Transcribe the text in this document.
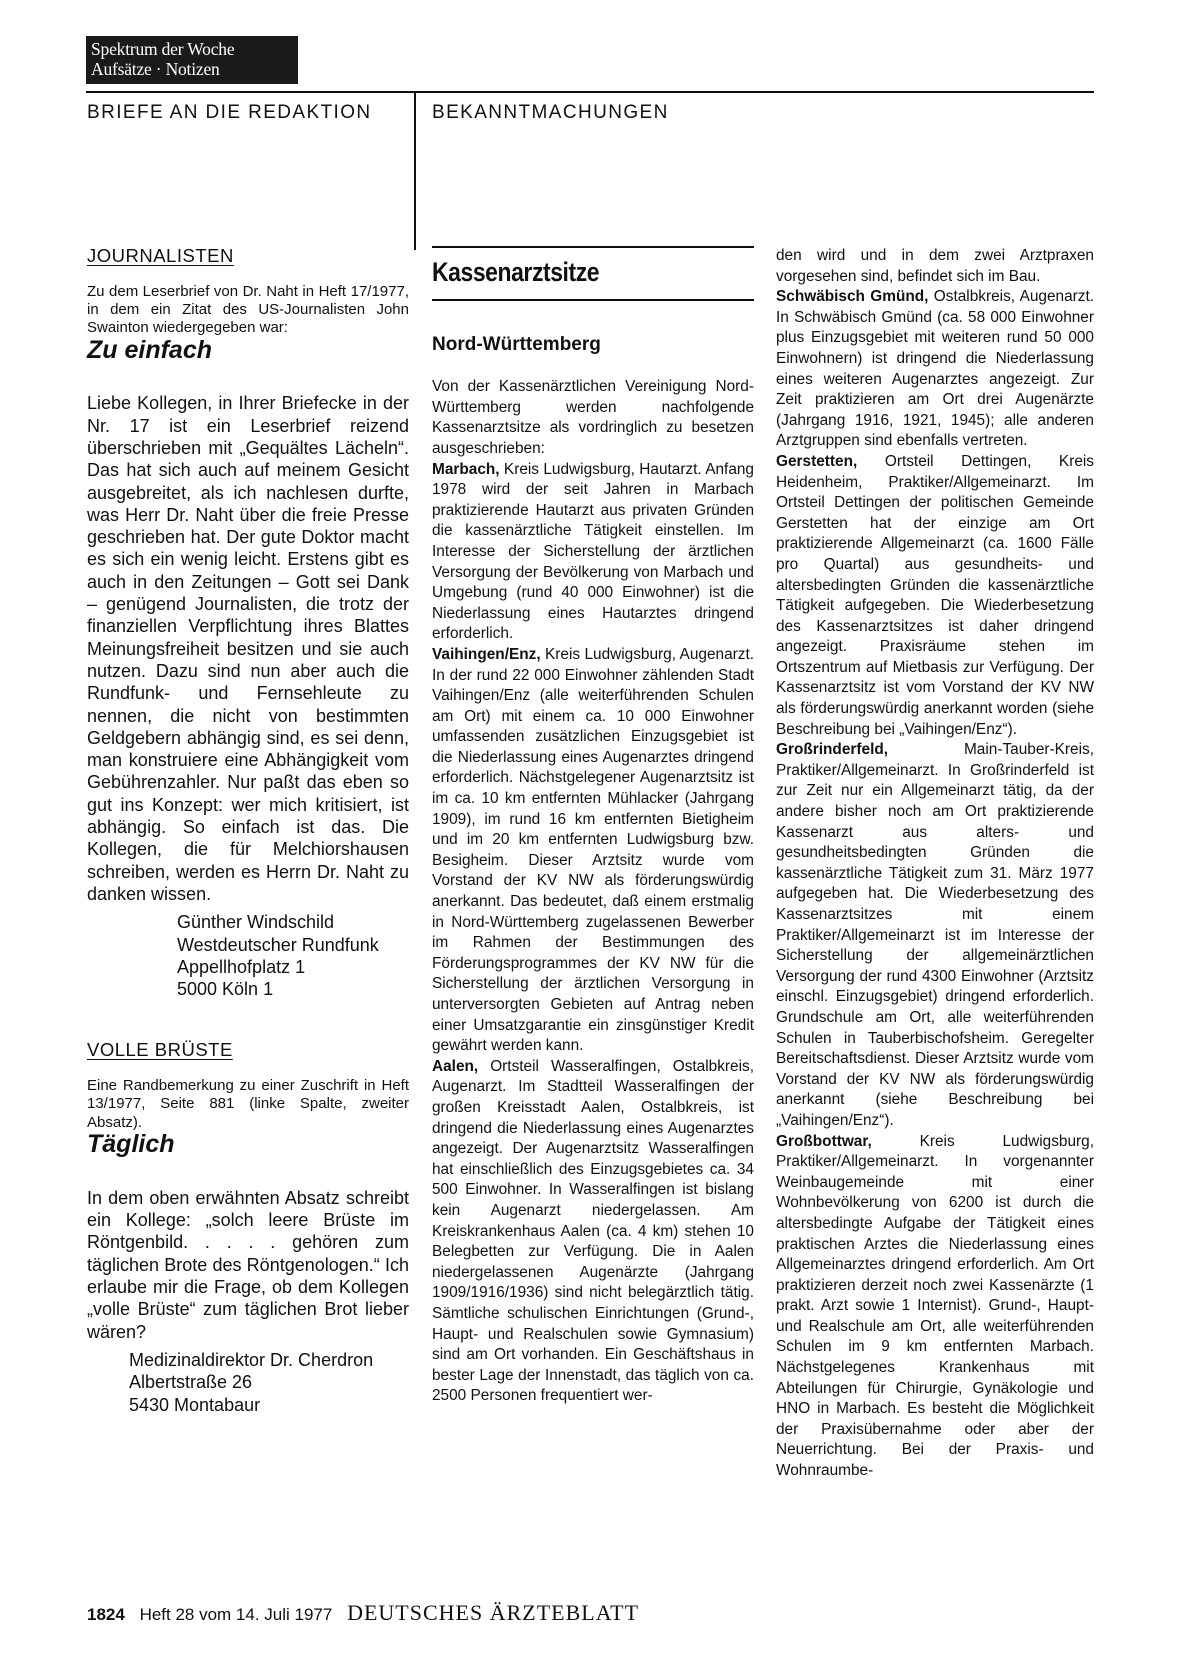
Spektrum der Woche
Aufsätze · Notizen
BRIEFE AN DIE REDAKTION	BEKANNTMACHUNGEN
JOURNALISTEN

Zu dem Leserbrief von Dr. Naht in Heft 17/1977, in dem ein Zitat des US-Journalisten John Swainton wiedergegeben war:

Zu einfach

Liebe Kollegen, in Ihrer Briefecke in der Nr. 17 ist ein Leserbrief reizend überschrieben mit „Gequältes Lächeln“. Das hat sich auch auf meinem Gesicht ausgebreitet, als ich nachlesen durfte, was Herr Dr. Naht über die freie Presse geschrieben hat. Der gute Doktor macht es sich ein wenig leicht. Erstens gibt es auch in den Zeitungen – Gott sei Dank – genügend Journalisten, die trotz der finanziellen Verpflichtung ihres Blattes Meinungsfreiheit besitzen und sie auch nutzen. Dazu sind nun aber auch die Rundfunk- und Fernsehleute zu nennen, die nicht von bestimmten Geldgebern abhängig sind, es sei denn, man konstruiere eine Abhängigkeit vom Gebührenzahler. Nur paßt das eben so gut ins Konzept: wer mich kritisiert, ist abhängig. So einfach ist das. Die Kollegen, die für Melchiorshausen schreiben, werden es Herrn Dr. Naht zu danken wissen.

Günther Windschild
Westdeutscher Rundfunk
Appellhofplatz 1
5000 Köln 1
VOLLE BRÜSTE

Eine Randbemerkung zu einer Zuschrift in Heft 13/1977, Seite 881 (linke Spalte, zweiter Absatz).

Täglich

In dem oben erwähnten Absatz schreibt ein Kollege: „solch leere Brüste im Röntgenbild. . . . . gehören zum täglichen Brote des Röntgenologen.“ Ich erlaube mir die Frage, ob dem Kollegen „volle Brüste“ zum täglichen Brot lieber wären?

Medizinaldirektor Dr. Cherdron
Albertstraße 26
5430 Montabaur
Kassenarztsitze
Nord-Württemberg

Von der Kassenärztlichen Vereinigung Nord-Württemberg werden nachfolgende Kassenarztsitze als vordringlich zu besetzen ausgeschrieben:

Marbach, Kreis Ludwigsburg, Hautarzt. Anfang 1978 wird der seit Jahren in Marbach praktizierende Hautarzt aus privaten Gründen die kassenärztliche Tätigkeit einstellen. Im Interesse der Sicherstellung der ärztlichen Versorgung der Bevölkerung von Marbach und Umgebung (rund 40 000 Einwohner) ist die Niederlassung eines Hautarztes dringend erforderlich.

Vaihingen/Enz, Kreis Ludwigsburg, Augenarzt. In der rund 22 000 Einwohner zählenden Stadt Vaihingen/Enz (alle weiterführenden Schulen am Ort) mit einem ca. 10 000 Einwohner umfassenden zusätzlichen Einzugsgebiet ist die Niederlassung eines Augenarztes dringend erforderlich. Nächstgelegener Augenarztsitz ist im ca. 10 km entfernten Mühlacker (Jahrgang 1909), im rund 16 km entfernten Bietigheim und im 20 km entfernten Ludwigsburg bzw. Besigheim. Dieser Arztsitz wurde vom Vorstand der KV NW als förderungswürdig anerkannt. Das bedeutet, daß einem erstmalig in Nord-Württemberg zugelassenen Bewerber im Rahmen der Bestimmungen des Förderungsprogrammes der KV NW für die Sicherstellung der ärztlichen Versorgung in unterversorgten Gebieten auf Antrag neben einer Umsatzgarantie ein zinsgünstiger Kredit gewährt werden kann.

Aalen, Ortsteil Wasseralfingen, Ostalbkreis, Augenarzt. Im Stadtteil Wasseralfingen der großen Kreisstadt Aalen, Ostalbkreis, ist dringend die Niederlassung eines Augenarztes angezeigt. Der Augenarztsitz Wasseralfingen hat einschließlich des Einzugsgebietes ca. 34 500 Einwohner. In Wasseralfingen ist bislang kein Augenarzt niedergelassen. Am Kreiskrankenhaus Aalen (ca. 4 km) stehen 10 Belegbetten zur Verfügung. Die in Aalen niedergelassenen Augenärzte (Jahrgang 1909/1916/1936) sind nicht belegärztlich tätig. Sämtliche schulischen Einrichtungen (Grund-, Haupt- und Realschulen sowie Gymnasium) sind am Ort vorhanden. Ein Geschäftshaus in bester Lage der Innenstadt, das täglich von ca. 2500 Personen frequentiert wer-

den wird und in dem zwei Arztpraxen vorgesehen sind, befindet sich im Bau.

Schwäbisch Gmünd, Ostalbkreis, Augenarzt. In Schwäbisch Gmünd (ca. 58 000 Einwohner plus Einzugsgebiet mit weiteren rund 50 000 Einwohnern) ist dringend die Niederlassung eines weiteren Augenarztes angezeigt. Zur Zeit praktizieren am Ort drei Augenärzte (Jahrgang 1916, 1921, 1945); alle anderen Arztgruppen sind ebenfalls vertreten.

Gerstetten, Ortsteil Dettingen, Kreis Heidenheim, Praktiker/Allgemeinarzt. Im Ortsteil Dettingen der politischen Gemeinde Gerstetten hat der einzige am Ort praktizierende Allgemeinarzt (ca. 1600 Fälle pro Quartal) aus gesundheits- und altersbedingten Gründen die kassenärztliche Tätigkeit aufgegeben. Die Wiederbesetzung des Kassenarztsitzes ist daher dringend angezeigt. Praxisräume stehen im Ortszentrum auf Mietbasis zur Verfügung. Der Kassenarztsitz ist vom Vorstand der KV NW als förderungswürdig anerkannt worden (siehe Beschreibung bei „Vaihingen/Enz“).

Großrinderfeld, Main-Tauber-Kreis, Praktiker/Allgemeinarzt. In Großrinderfeld ist zur Zeit nur ein Allgemeinarzt tätig, da der andere bisher noch am Ort praktizierende Kassenarzt aus alters- und gesundheitsbedingten Gründen die kassenärztliche Tätigkeit zum 31. März 1977 aufgegeben hat. Die Wiederbesetzung des Kassenarztsitzes mit einem Praktiker/Allgemeinarzt ist im Interesse der Sicherstellung der allgemeinärztlichen Versorgung der rund 4300 Einwohner (Arztsitz einschl. Einzugsgebiet) dringend erforderlich. Grundschule am Ort, alle weiterführenden Schulen in Tauberbischofsheim. Geregelter Bereitschaftsdienst. Dieser Arztsitz wurde vom Vorstand der KV NW als förderungswürdig anerkannt (siehe Beschreibung bei „Vaihingen/Enz“).

Großbottwar, Kreis Ludwigsburg, Praktiker/Allgemeinarzt. In vorgenannter Weinbaugemeinde mit einer Wohnbevölkerung von 6200 ist durch die altersbedingte Aufgabe der Tätigkeit eines praktischen Arztes die Niederlassung eines Allgemeinarztes dringend erforderlich. Am Ort praktizieren derzeit noch zwei Kassenärzte (1 prakt. Arzt sowie 1 Internist). Grund-, Haupt- und Realschule am Ort, alle weiterführenden Schulen im 9 km entfernten Marbach. Nächstgelegenes Krankenhaus mit Abteilungen für Chirurgie, Gynäkologie und HNO in Marbach. Es besteht die Möglichkeit der Praxisübernahme oder aber der Neuerrichtung. Bei der Praxis- und Wohnraumbe-

1824 Heft 28 vom 14. Juli 1977 DEUTSCHES ÄRZTEBLATT
